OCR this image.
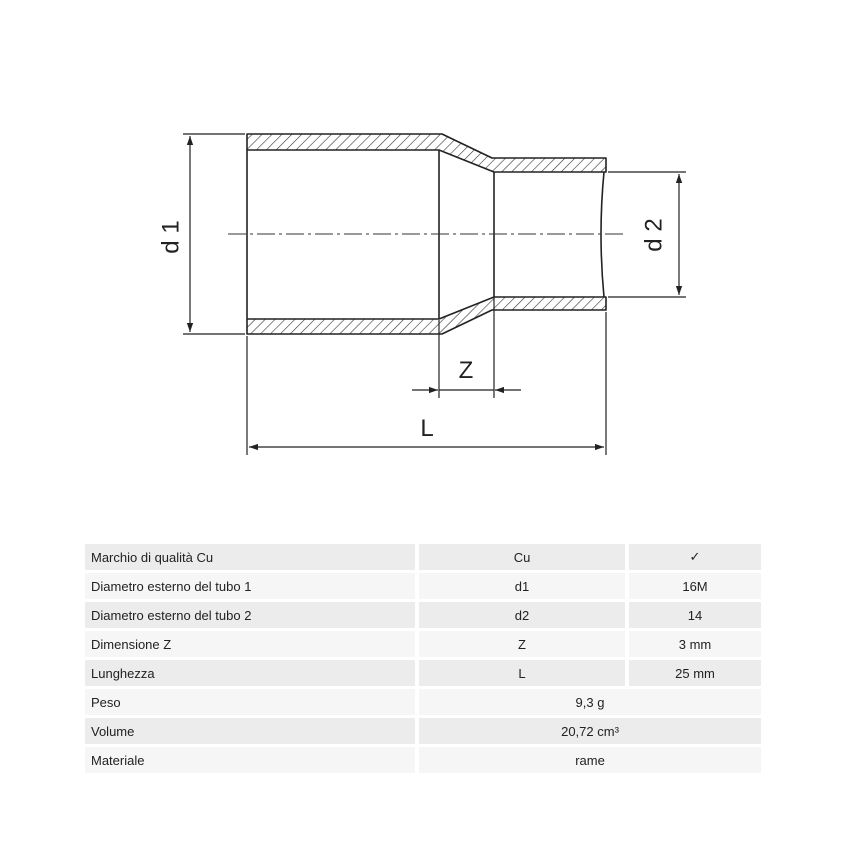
d 1	d 2
Z
L
Marchio di qualità Cu	Cu	✓
Diametro esterno del tubo 1	d1	16M
Diametro esterno del tubo 2	d2	14
Dimensione Z	Z	3 mm
Lunghezza	L	25 mm
Peso	9,3 g	
Volume	20,72 cm³	
Materiale	rame	
